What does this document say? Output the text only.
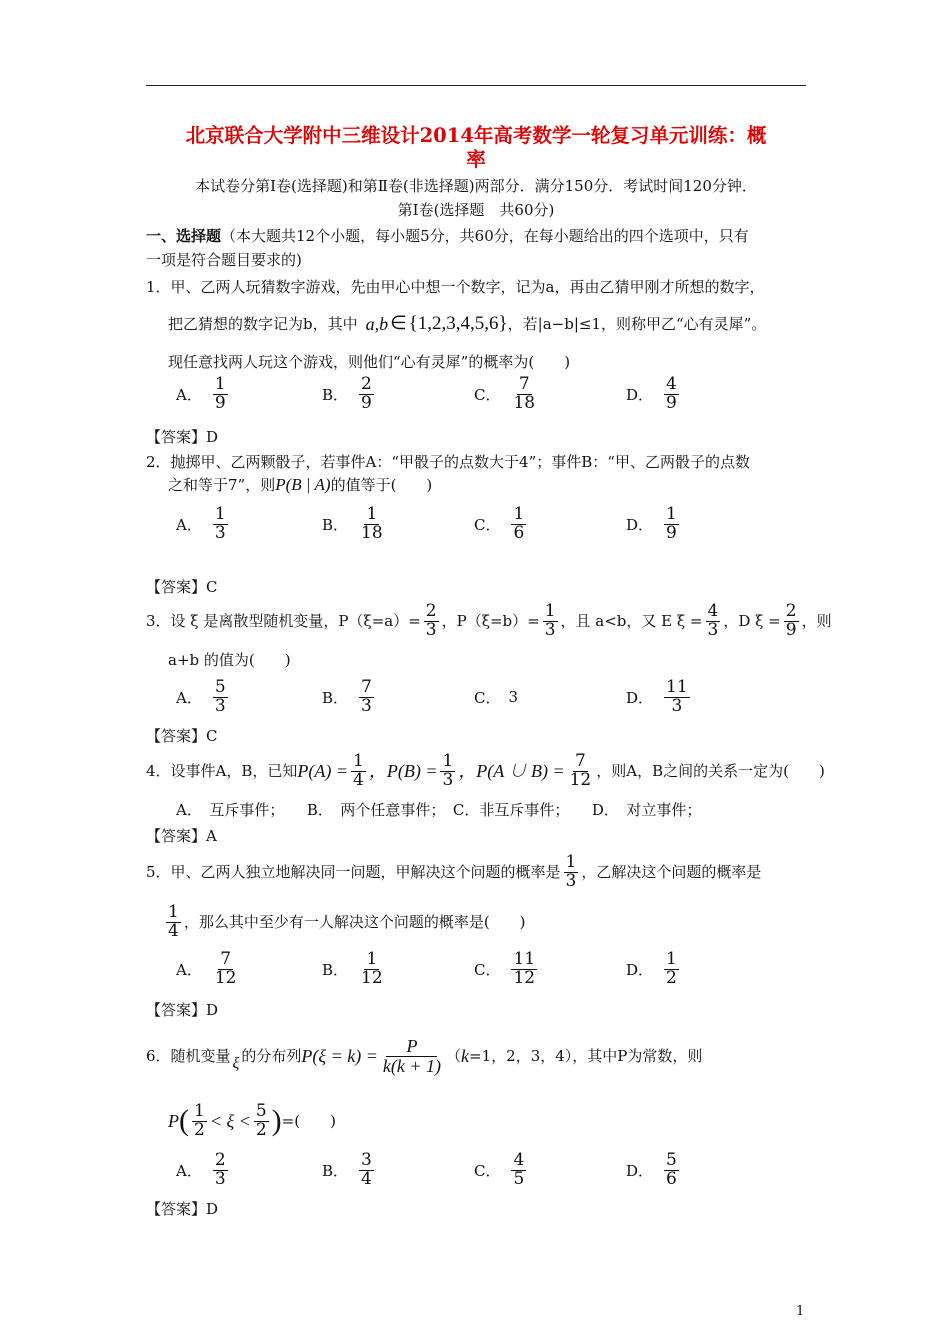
北京联合大学附中三维设计2014年高考数学一轮复习单元训练：概
率
本试卷分第Ⅰ卷(选择题)和第Ⅱ卷(非选择题)两部分．满分150分．考试时间120分钟．
第Ⅰ卷(选择题　共60分)
一、选择题（本大题共12个小题，每小题5分，共60分，在每小题给出的四个选项中，只有
一项是符合题目要求的)
1．甲、乙两人玩猜数字游戏，先由甲心中想一个数字，记为a，再由乙猜甲刚才所想的数字，
把乙猜想的数字记为b，其中 a,b ∈ {1,2,3,4,5,6} ，若|a−b|≤1，则称甲乙“心有灵犀”。
现任意找两人玩这个游戏，则他们“心有灵犀”的概率为(　　)
A． $\frac{1}{9}$	B． $\frac{2}{9}$	C． $\frac{7}{18}$	D． $\frac{4}{9}$
【答案】D
2．抛掷甲、乙两颗骰子，若事件A：“甲骰子的点数大于4”；事件B：“甲、乙两骰子的点数
之和等于7”，则P(B | A)的值等于(　　)
A． $\frac{1}{3}$	B． $\frac{1}{18}$	C． $\frac{1}{6}$	D． $\frac{1}{9}$
【答案】C
3．设 ξ 是离散型随机变量，$P(\xi=a)= \frac{2}{3}$ ，$P(\xi=b)= \frac{1}{3}$ ，且 a<b，又 E $\xi = \frac{4}{3}$ ，D $\xi = \frac{2}{9}$ ，则
a+b 的值为(　　)
A． $\frac{5}{3}$	B． $\frac{7}{3}$	C． 3	D． $\frac{11}{3}$
【答案】C
4．设事件A，B，已知 $P(A) = \frac{1}{4}$ ，$P(B) = \frac{1}{3}$ ，P(A ∪ $B) = \frac{7}{12}$ ，则A，B之间的关系一定为(　　)
A．　互斥事件；　　B．　两个任意事件；　C．非互斥事件；　　D．　对立事件；
【答案】A
5．甲、乙两人独立地解决同一问题，甲解决这个问题的概率是 $\frac{1}{3}$ ，乙解决这个问题的概率是
$\frac{1}{4}$ ，那么其中至少有一人解决这个问题的概率是(　　)
A． $\frac{7}{12}$	B． $\frac{1}{12}$	C． $\frac{11}{12}$	D． $\frac{1}{2}$
【答案】D
6．随机变量 ξ 的分布列 $P(\xi = k) = \frac{P}{k(k + 1)}$ （ k =1，2，3，4），其中P为常数，则
P ( $\frac{1}{2} < \xi < \frac{5}{2}$ ) =(　　)
A． $\frac{2}{3}$	B． $\frac{3}{4}$	C． $\frac{4}{5}$	D． $\frac{5}{6}$
【答案】D
1
